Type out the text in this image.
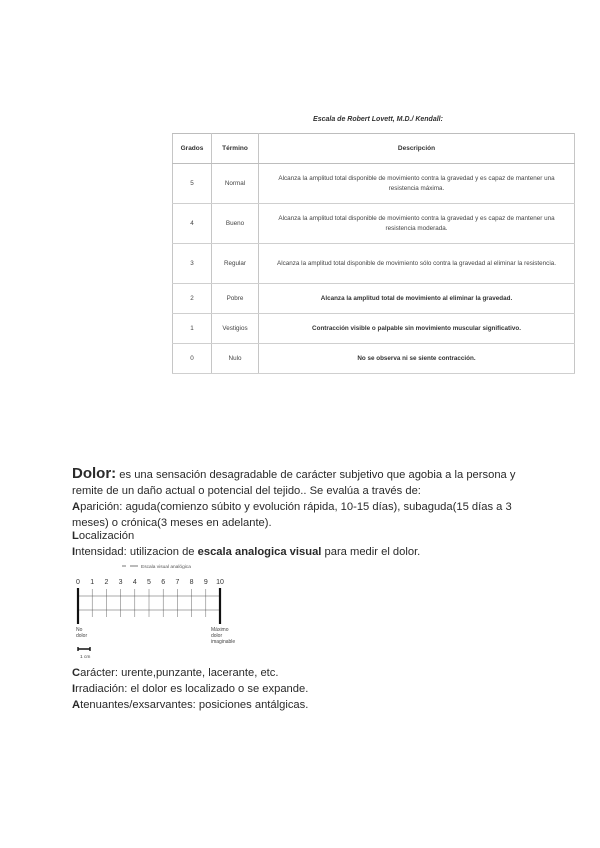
Escala de Robert Lovett, M.D./ Kendall:
Grados	Término	Descripción
5	Normal	Alcanza la amplitud total disponible de movimiento contra la gravedad y es capaz de mantener una resistencia máxima.
4	Bueno	Alcanza la amplitud total disponible de movimiento contra la gravedad y es capaz de mantener una resistencia moderada.
3	Regular	Alcanza la amplitud total disponible de movimiento sólo contra la gravedad al eliminar la resistencia.
2	Pobre	Alcanza la amplitud total de movimiento al eliminar la gravedad.
1	Vestigios	Contracción visible o palpable sin movimiento muscular significativo.
0	Nulo	No se observa ni se siente contracción.
Dolor: es una sensación desagradable de carácter subjetivo que agobia a la persona y remite de un daño actual o potencial del tejido.. Se evalúa a través de:
Aparición: aguda(comienzo súbito y evolución rápida, 10-15 días), subaguda(15 días a 3 meses) o crónica(3 meses en adelante).
Localización
Intensidad: utilizacion de escala analogica visual para medir el dolor.
Escala visual analógica
0 1 2 3 4 5 6 7 8 9 10
No
dolor
Máximo
dolor
imaginable
1 cm
Carácter: urente,punzante, lacerante, etc.
Irradiación: el dolor es localizado o se expande.
Atenuantes/exsarvantes: posiciones antálgicas.
